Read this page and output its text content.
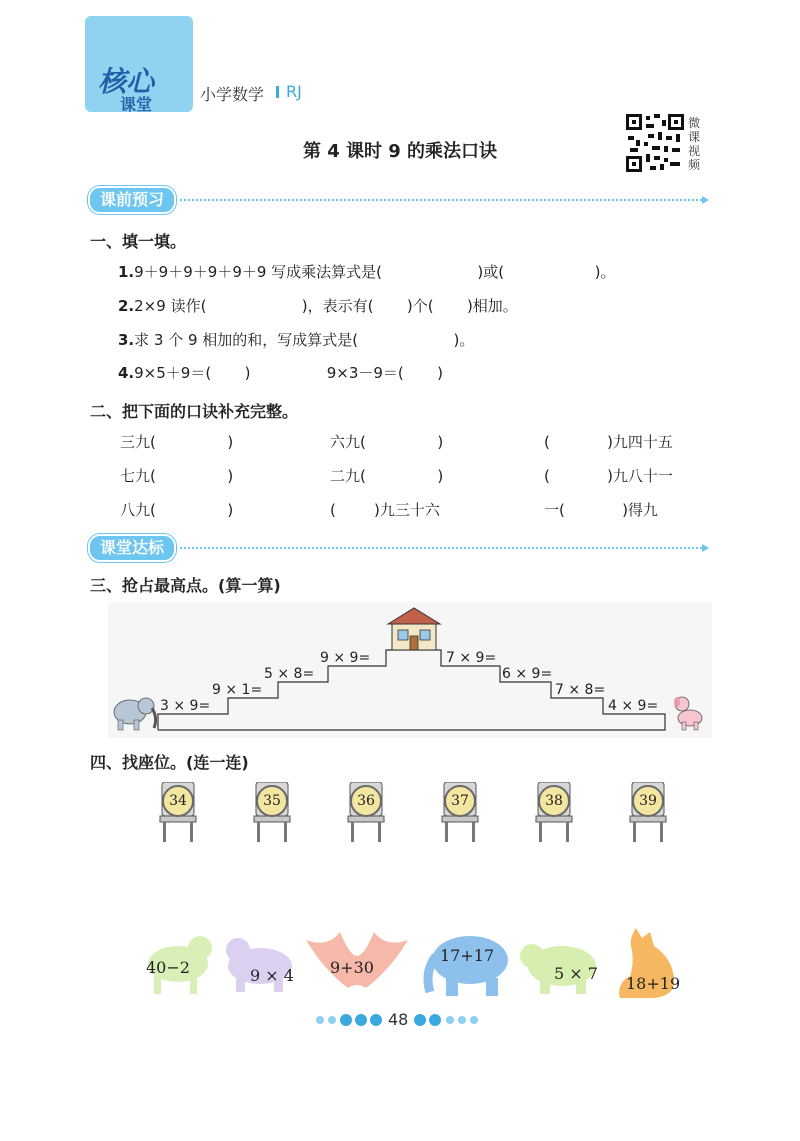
核心
课堂
小学数学 RJ
第 4 课时 9 的乘法口诀
微课视频
课前预习
一、填一填。
1.9＋9＋9＋9＋9＋9 写成乘法算式是(                    )或(                   )。
2.2×9 读作(                    )，表示有(       )个(       )相加。
3.求 3 个 9 相加的和，写成算式是(                    )。
4.9×5＋9＝(       )                9×3－9＝(       )
二、把下面的口诀补充完整。
三九(               )	六九(               )	(            )九四十五
七九(               )	二九(               )	(            )九八十一
八九(               )	(        )九三十六	一(            )得九
课堂达标
三、抢占最高点。(算一算)
3 × 9=
9 × 1=
5 × 8=
9 × 9=	7 × 9=
6 × 9=
7 × 8=
4 × 9=
四、找座位。(连一连)
34	35	36	37	38	39
40−2	9 × 4 9+30
17+17
5 × 7
18+19
48
